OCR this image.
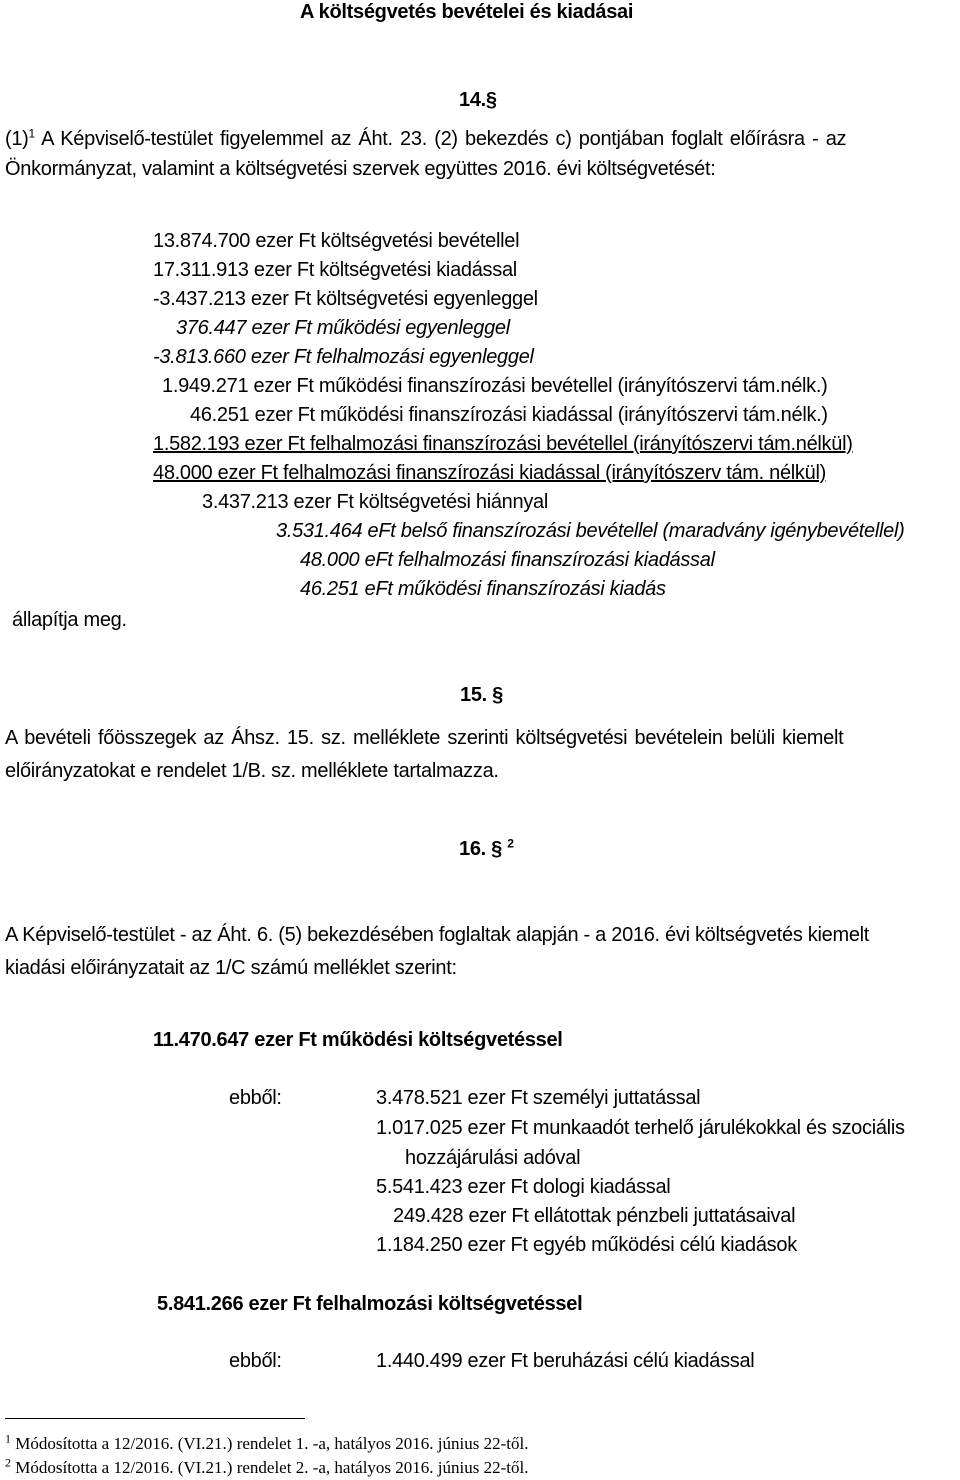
A költségvetés bevételei és kiadásai
14.§
$(1)^1$ A Képviselő-testület figyelemmel az Áht. 23. (2) bekezdés c) pontjában foglalt előírásra - az
Önkormányzat, valamint a költségvetési szervek együttes 2016. évi költségvetését:
13.874.700 ezer Ft költségvetési bevétellel
17.311.913 ezer Ft költségvetési kiadással
-3.437.213 ezer Ft költségvetési egyenleggel
376.447 ezer Ft működési egyenleggel
-3.813.660 ezer Ft felhalmozási egyenleggel
1.949.271 ezer Ft működési finanszírozási bevétellel (irányítószervi tám.nélk.)
46.251 ezer Ft működési finanszírozási kiadással (irányítószervi tám.nélk.)
1.582.193 ezer Ft felhalmozási finanszírozási bevétellel (irányítószervi tám.nélkül)
48.000 ezer Ft felhalmozási finanszírozási kiadással (irányítószerv tám. nélkül)
3.437.213 ezer Ft költségvetési hiánnyal
3.531.464 eFt belső finanszírozási bevétellel (maradvány igénybevétellel)
48.000 eFt felhalmozási finanszírozási kiadással
46.251 eFt működési finanszírozási kiadás
állapítja meg.
15. §
A bevételi főösszegek az Áhsz. 15. sz. melléklete szerinti költségvetési bevételein belüli kiemelt
előirányzatokat e rendelet 1/B. sz. melléklete tartalmazza.
16. § $^2$
A Képviselő-testület - az Áht. 6. (5) bekezdésében foglaltak alapján - a 2016. évi költségvetés kiemelt
kiadási előirányzatait az 1/C számú melléklet szerint:
11.470.647 ezer Ft működési költségvetéssel
ebből:	3.478.521 ezer Ft személyi juttatással
1.017.025 ezer Ft munkaadót terhelő járulékokkal és szociális
hozzájárulási adóval
5.541.423 ezer Ft dologi kiadással
249.428 ezer Ft ellátottak pénzbeli juttatásaival
1.184.250 ezer Ft egyéb működési célú kiadások
5.841.266 ezer Ft felhalmozási költségvetéssel
ebből:	1.440.499 ezer Ft beruházási célú kiadással
$^1$ Módosította a 12/2016. (VI.21.) rendelet 1. -a, hatályos 2016. június 22-től.
$^2$ Módosította a 12/2016. (VI.21.) rendelet 2. -a, hatályos 2016. június 22-től.
